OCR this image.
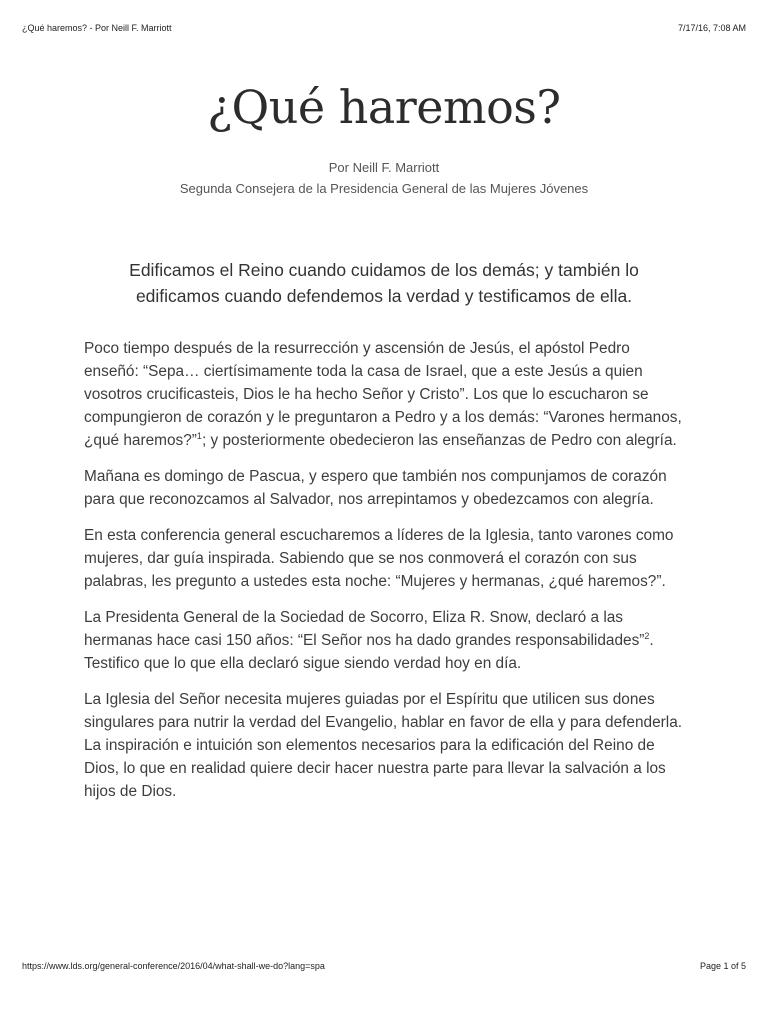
¿Qué haremos? - Por Neill F. Marriott	7/17/16, 7:08 AM
¿Qué haremos?
Por Neill F. Marriott
Segunda Consejera de la Presidencia General de las Mujeres Jóvenes
Edificamos el Reino cuando cuidamos de los demás; y también lo edificamos cuando defendemos la verdad y testificamos de ella.

Poco tiempo después de la resurrección y ascensión de Jesús, el apóstol Pedro enseñó: “Sepa… ciertísimamente toda la casa de Israel, que a este Jesús a quien vosotros crucificasteis, Dios le ha hecho Señor y Cristo”. Los que lo escucharon se compungieron de corazón y le preguntaron a Pedro y a los demás: “Varones hermanos, ¿qué haremos?”$^1$; y posteriormente obedecieron las enseñanzas de Pedro con alegría.

Mañana es domingo de Pascua, y espero que también nos compunjamos de corazón para que reconozcamos al Salvador, nos arrepintamos y obedezcamos con alegría.

En esta conferencia general escucharemos a líderes de la Iglesia, tanto varones como mujeres, dar guía inspirada. Sabiendo que se nos conmoverá el corazón con sus palabras, les pregunto a ustedes esta noche: “Mujeres y hermanas, ¿qué haremos?”.

La Presidenta General de la Sociedad de Socorro, Eliza R. Snow, declaró a las hermanas hace casi 150 años: “El Señor nos ha dado grandes responsabilidades”$^2$. Testifico que lo que ella declaró sigue siendo verdad hoy en día.

La Iglesia del Señor necesita mujeres guiadas por el Espíritu que utilicen sus dones singulares para nutrir la verdad del Evangelio, hablar en favor de ella y para defenderla. La inspiración e intuición son elementos necesarios para la edificación del Reino de Dios, lo que en realidad quiere decir hacer nuestra parte para llevar la salvación a los hijos de Dios.

https://www.lds.org/general-conference/2016/04/what-shall-we-do?lang=spa	Page 1 of 5
